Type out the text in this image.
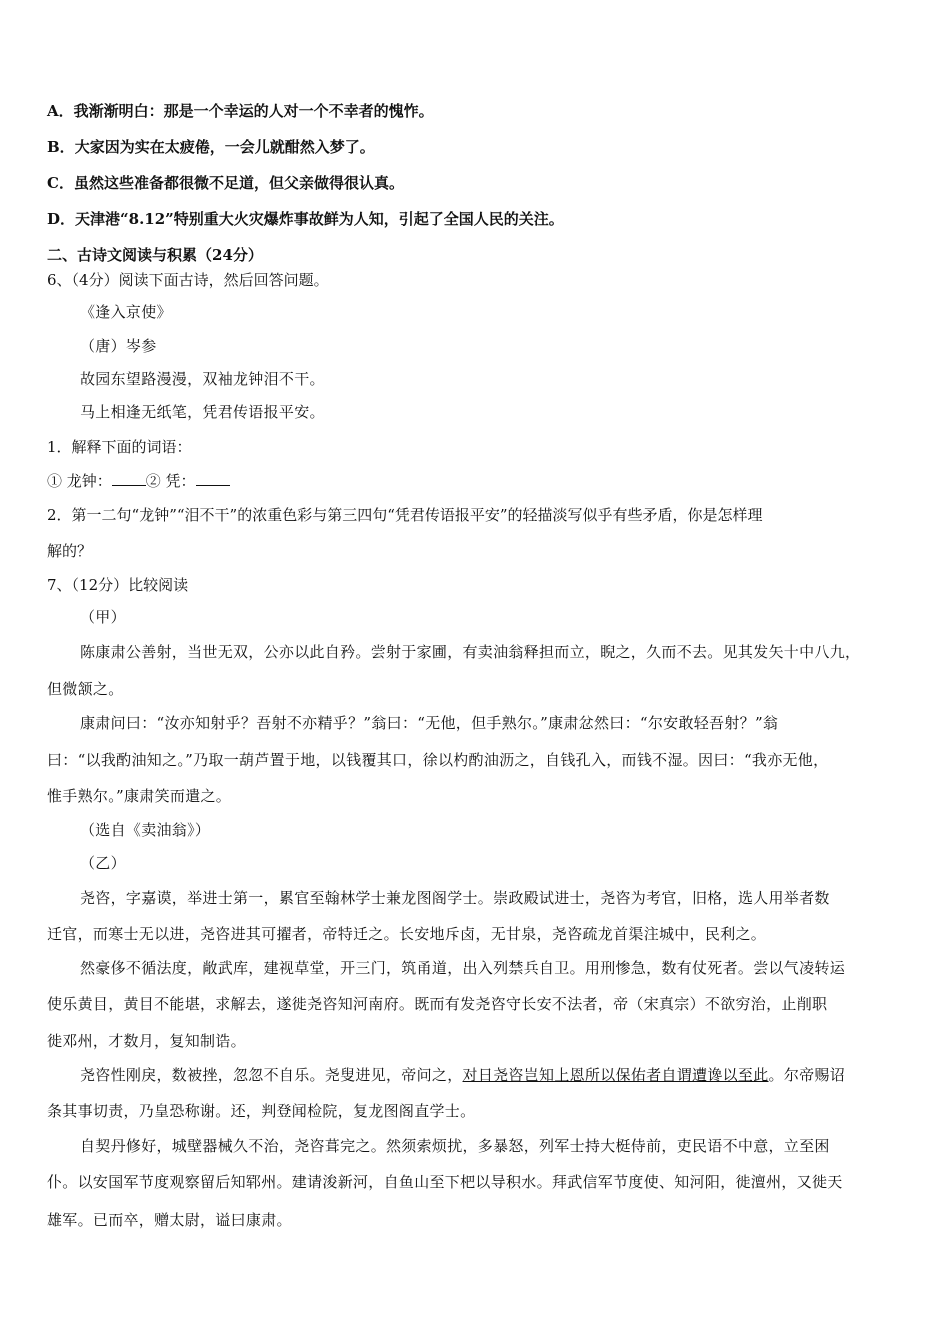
A．我渐渐明白：那是一个幸运的人对一个不幸者的愧怍。
B．大家因为实在太疲倦，一会儿就酣然入梦了。
C．虽然这些准备都很微不足道，但父亲做得很认真。
D．天津港“8.12”特别重大火灾爆炸事故鲜为人知，引起了全国人民的关注。
二、古诗文阅读与积累（24分）
6、（4分）阅读下面古诗，然后回答问题。
《逢入京使》
（唐）岑参
故园东望路漫漫，双袖龙钟泪不干。
马上相逢无纸笔，凭君传语报平安。
1．解释下面的词语：
① 龙钟： ② 凭：
2．第一二句“龙钟”“泪不干”的浓重色彩与第三四句“凭君传语报平安”的轻描淡写似乎有些矛盾，你是怎样理
解的？
7、（12分）比较阅读
（甲）
陈康肃公善射，当世无双，公亦以此自矜。尝射于家圃，有卖油翁释担而立，睨之，久而不去。见其发矢十中八九，
但微颔之。
康肃问曰：“汝亦知射乎？吾射不亦精乎？”翁曰：“无他，但手熟尔。”康肃忿然曰：“尔安敢轻吾射？”翁
曰：“以我酌油知之。”乃取一葫芦置于地，以钱覆其口，徐以杓酌油沥之，自钱孔入，而钱不湿。因曰：“我亦无他，
惟手熟尔。”康肃笑而遣之。
（选自《卖油翁》）
（乙）
尧咨，字嘉谟，举进士第一，累官至翰林学士兼龙图阁学士。崇政殿试进士，尧咨为考官，旧格，选人用举者数
迁官，而寒士无以进，尧咨进其可擢者，帝特迁之。长安地斥卤，无甘泉，尧咨疏龙首渠注城中，民利之。
然豪侈不循法度，敞武库，建视草堂，开三门，筑甬道，出入列禁兵自卫。用刑惨急，数有仗死者。尝以气凌转运
使乐黄目，黄目不能堪，求解去，遂徙尧咨知河南府。既而有发尧咨守长安不法者，帝（宋真宗）不欲穷治，止削职
徙邓州，才数月，复知制诰。
尧咨性刚戾，数被挫，忽忽不自乐。尧叟进见，帝问之，对日尧咨岂知上恩所以保佑者自谓遭谗以至此。尔帝赐诏
条其事切责，乃皇恐称谢。还，判登闻检院，复龙图阁直学士。
自契丹修好，城壁器械久不治，尧咨葺完之。然须索烦扰，多暴怒，列军士持大梃侍前，吏民语不中意，立至困
仆。以安国军节度观察留后知郓州。建请浚新河，自鱼山至下杷以导积水。拜武信军节度使、知河阳，徙澶州，又徙天
雄军。已而卒，赠太尉，谥曰康肃。
